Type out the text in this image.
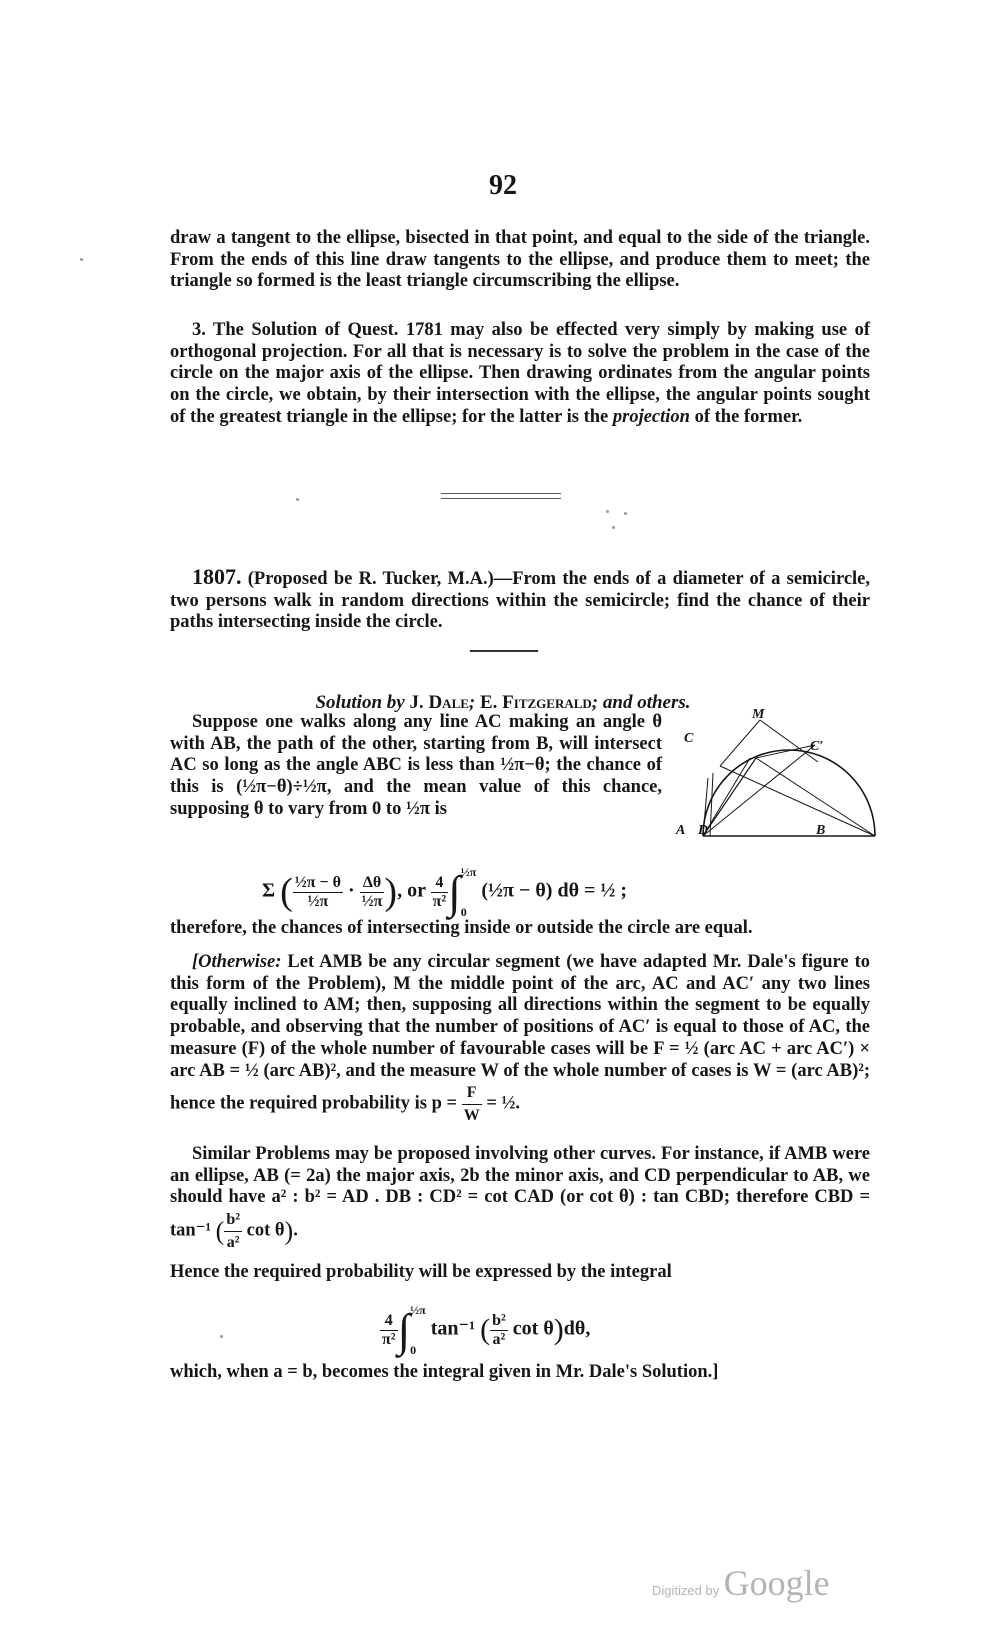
92

draw a tangent to the ellipse, bisected in that point, and equal to the side of the triangle. From the ends of this line draw tangents to the ellipse, and produce them to meet; the triangle so formed is the least triangle circumscribing the ellipse.

3. The Solution of Quest. 1781 may also be effected very simply by making use of orthogonal projection. For all that is necessary is to solve the problem in the case of the circle on the major axis of the ellipse. Then drawing ordinates from the angular points on the circle, we obtain, by their intersection with the ellipse, the angular points sought of the greatest triangle in the ellipse; for the latter is the projection of the former.

1807. (Proposed be R. Tucker, M.A.)—From the ends of a diameter of a semicircle, two persons walk in random directions within the semicircle; find the chance of their paths intersecting inside the circle.

Solution by J. Dale; E. Fitzgerald; and others.

Suppose one walks along any line AC making an angle θ with AB, the path of the other, starting from B, will intersect AC so long as the angle ABC is less than ½π−θ; the chance of this is (½π−θ)÷½π, and the mean value of this chance, supposing θ to vary from 0 to ½π is

M
C
C′
A D	B
Σ ( $\frac{\text{½π − θ}}{\text{½π}} \cdot \frac{\Delta\theta}{\text{½π}}$ ), or $\frac{4}{\text{π²}}$ ∫ ½π
0
(½π − θ) dθ = ½ ;

therefore, the chances of intersecting inside or outside the circle are equal.

[Otherwise: Let AMB be any circular segment (we have adapted Mr. Dale's figure to this form of the Problem), M the middle point of the arc, AC and AC′ any two lines equally inclined to AM; then, supposing all directions within the segment to be equally probable, and observing that the number of positions of AC′ is equal to those of AC, the measure (F) of the whole number of favourable cases will be F = ½ (arc AC + arc AC′) × arc AB = ½ (arc AB)², and the measure W of the whole number of cases is W = (arc AB)²; hence the required probability is $p = \frac{F}{W}$ = ½.

Similar Problems may be proposed involving other curves. For instance, if AMB were an ellipse, AB (= 2a) the major axis, 2b the minor axis, and CD perpendicular to AB, we should have a² : b² = AD . DB : CD² = cot CAD (or cot θ) : tan CBD; therefore CBD = tan⁻¹ ( $\frac{\text{b²}}{\text{a²}}$ cot θ).

Hence the required probability will be expressed by the integral

$\frac{4}{\text{π²}}$ ∫ ½π
0
tan⁻¹ ( $\frac{\text{b²}}{\text{a²}}$ cot θ)dθ,

which, when a = b, becomes the integral given in Mr. Dale's Solution.]

Digitized by Google
